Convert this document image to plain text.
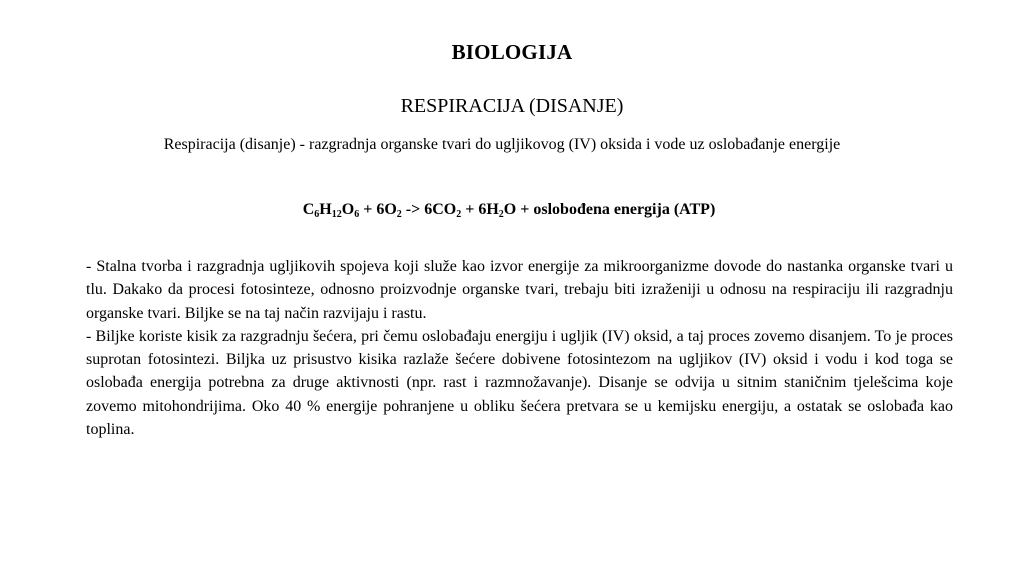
BIOLOGIJA
RESPIRACIJA (DISANJE)
Respiracija (disanje) - razgradnja organske tvari do ugljikovog (IV) oksida i vode uz oslobađanje energije
$C_6H_{12}O_6 + 6O_2 -> 6CO_2 + 6H_2O$ + oslobođena energija (ATP)

- Stalna tvorba i razgradnja ugljikovih spojeva koji služe kao izvor energije za mikroorganizme dovode do nastanka organske tvari u tlu. Dakako da procesi fotosinteze, odnosno proizvodnje organske tvari, trebaju biti izraženiji u odnosu na respiraciju ili razgradnju organske tvari. Biljke se na taj način razvijaju i rastu.

- Biljke koriste kisik za razgradnju šećera, pri čemu oslobađaju energiju i ugljik (IV) oksid, a taj proces zovemo disanjem. To je proces suprotan fotosintezi. Biljka uz prisustvo kisika razlaže šećere dobivene fotosintezom na ugljikov (IV) oksid i vodu i kod toga se oslobađa energija potrebna za druge aktivnosti (npr. rast i razmnožavanje). Disanje se odvija u sitnim staničnim tjelešcima koje zovemo mitohondrijima. Oko 40 % energije pohranjene u obliku šećera pretvara se u kemijsku energiju, a ostatak se oslobađa kao toplina.
